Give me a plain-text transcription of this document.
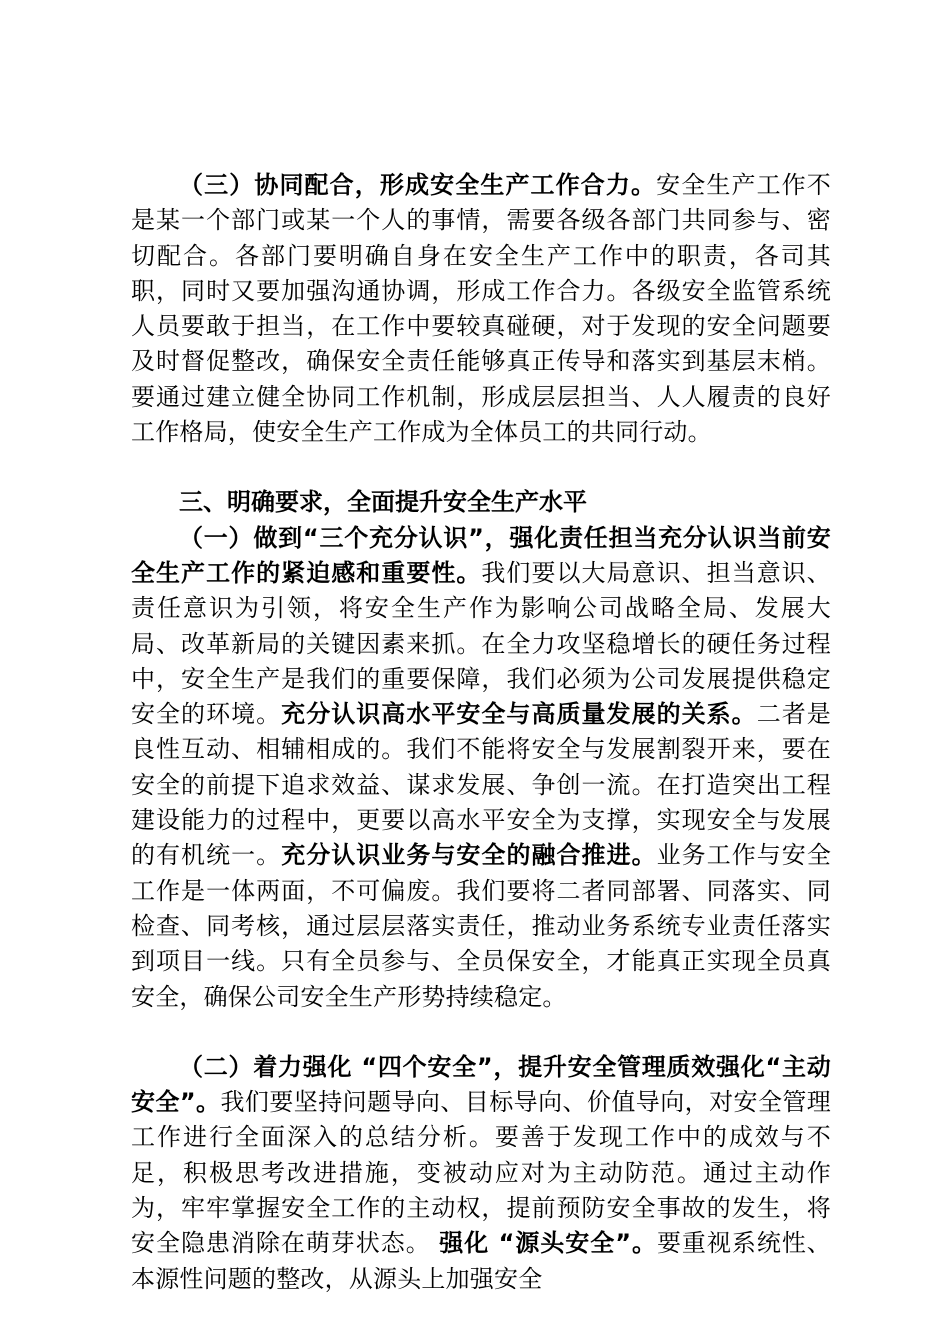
（三）协同配合，形成安全生产工作合力。安全生产工作不是某一个部门或某一个人的事情，需要各级各部门共同参与、密切配合。各部门要明确自身在安全生产工作中的职责，各司其职，同时又要加强沟通协调，形成工作合力。各级安全监管系统人员要敢于担当，在工作中要较真碰硬，对于发现的安全问题要及时督促整改，确保安全责任能够真正传导和落实到基层末梢。要通过建立健全协同工作机制，形成层层担当、人人履责的良好工作格局，使安全生产工作成为全体员工的共同行动。

三、明确要求，全面提升安全生产水平

（一）做到“三个充分认识”，强化责任担当充分认识当前安全生产工作的紧迫感和重要性。我们要以大局意识、担当意识、责任意识为引领，将安全生产作为影响公司战略全局、发展大局、改革新局的关键因素来抓。在全力攻坚稳增长的硬任务过程中，安全生产是我们的重要保障，我们必须为公司发展提供稳定安全的环境。充分认识高水平安全与高质量发展的关系。二者是良性互动、相辅相成的。我们不能将安全与发展割裂开来，要在安全的前提下追求效益、谋求发展、争创一流。在打造突出工程建设能力的过程中，更要以高水平安全为支撑，实现安全与发展的有机统一。充分认识业务与安全的融合推进。业务工作与安全工作是一体两面，不可偏废。我们要将二者同部署、同落实、同检查、同考核，通过层层落实责任，推动业务系统专业责任落实到项目一线。只有全员参与、全员保安全，才能真正实现全员真安全，确保公司安全生产形势持续稳定。

（二）着力强化 “四个安全”，提升安全管理质效强化“主动安全”。我们要坚持问题导向、目标导向、价值导向，对安全管理工作进行全面深入的总结分析。要善于发现工作中的成效与不足，积极思考改进措施，变被动应对为主动防范。通过主动作为，牢牢掌握安全工作的主动权，提前预防安全事故的发生，将安全隐患消除在萌芽状态。 强化 “源头安全”。要重视系统性、本源性问题的整改，从源头上加强安全
